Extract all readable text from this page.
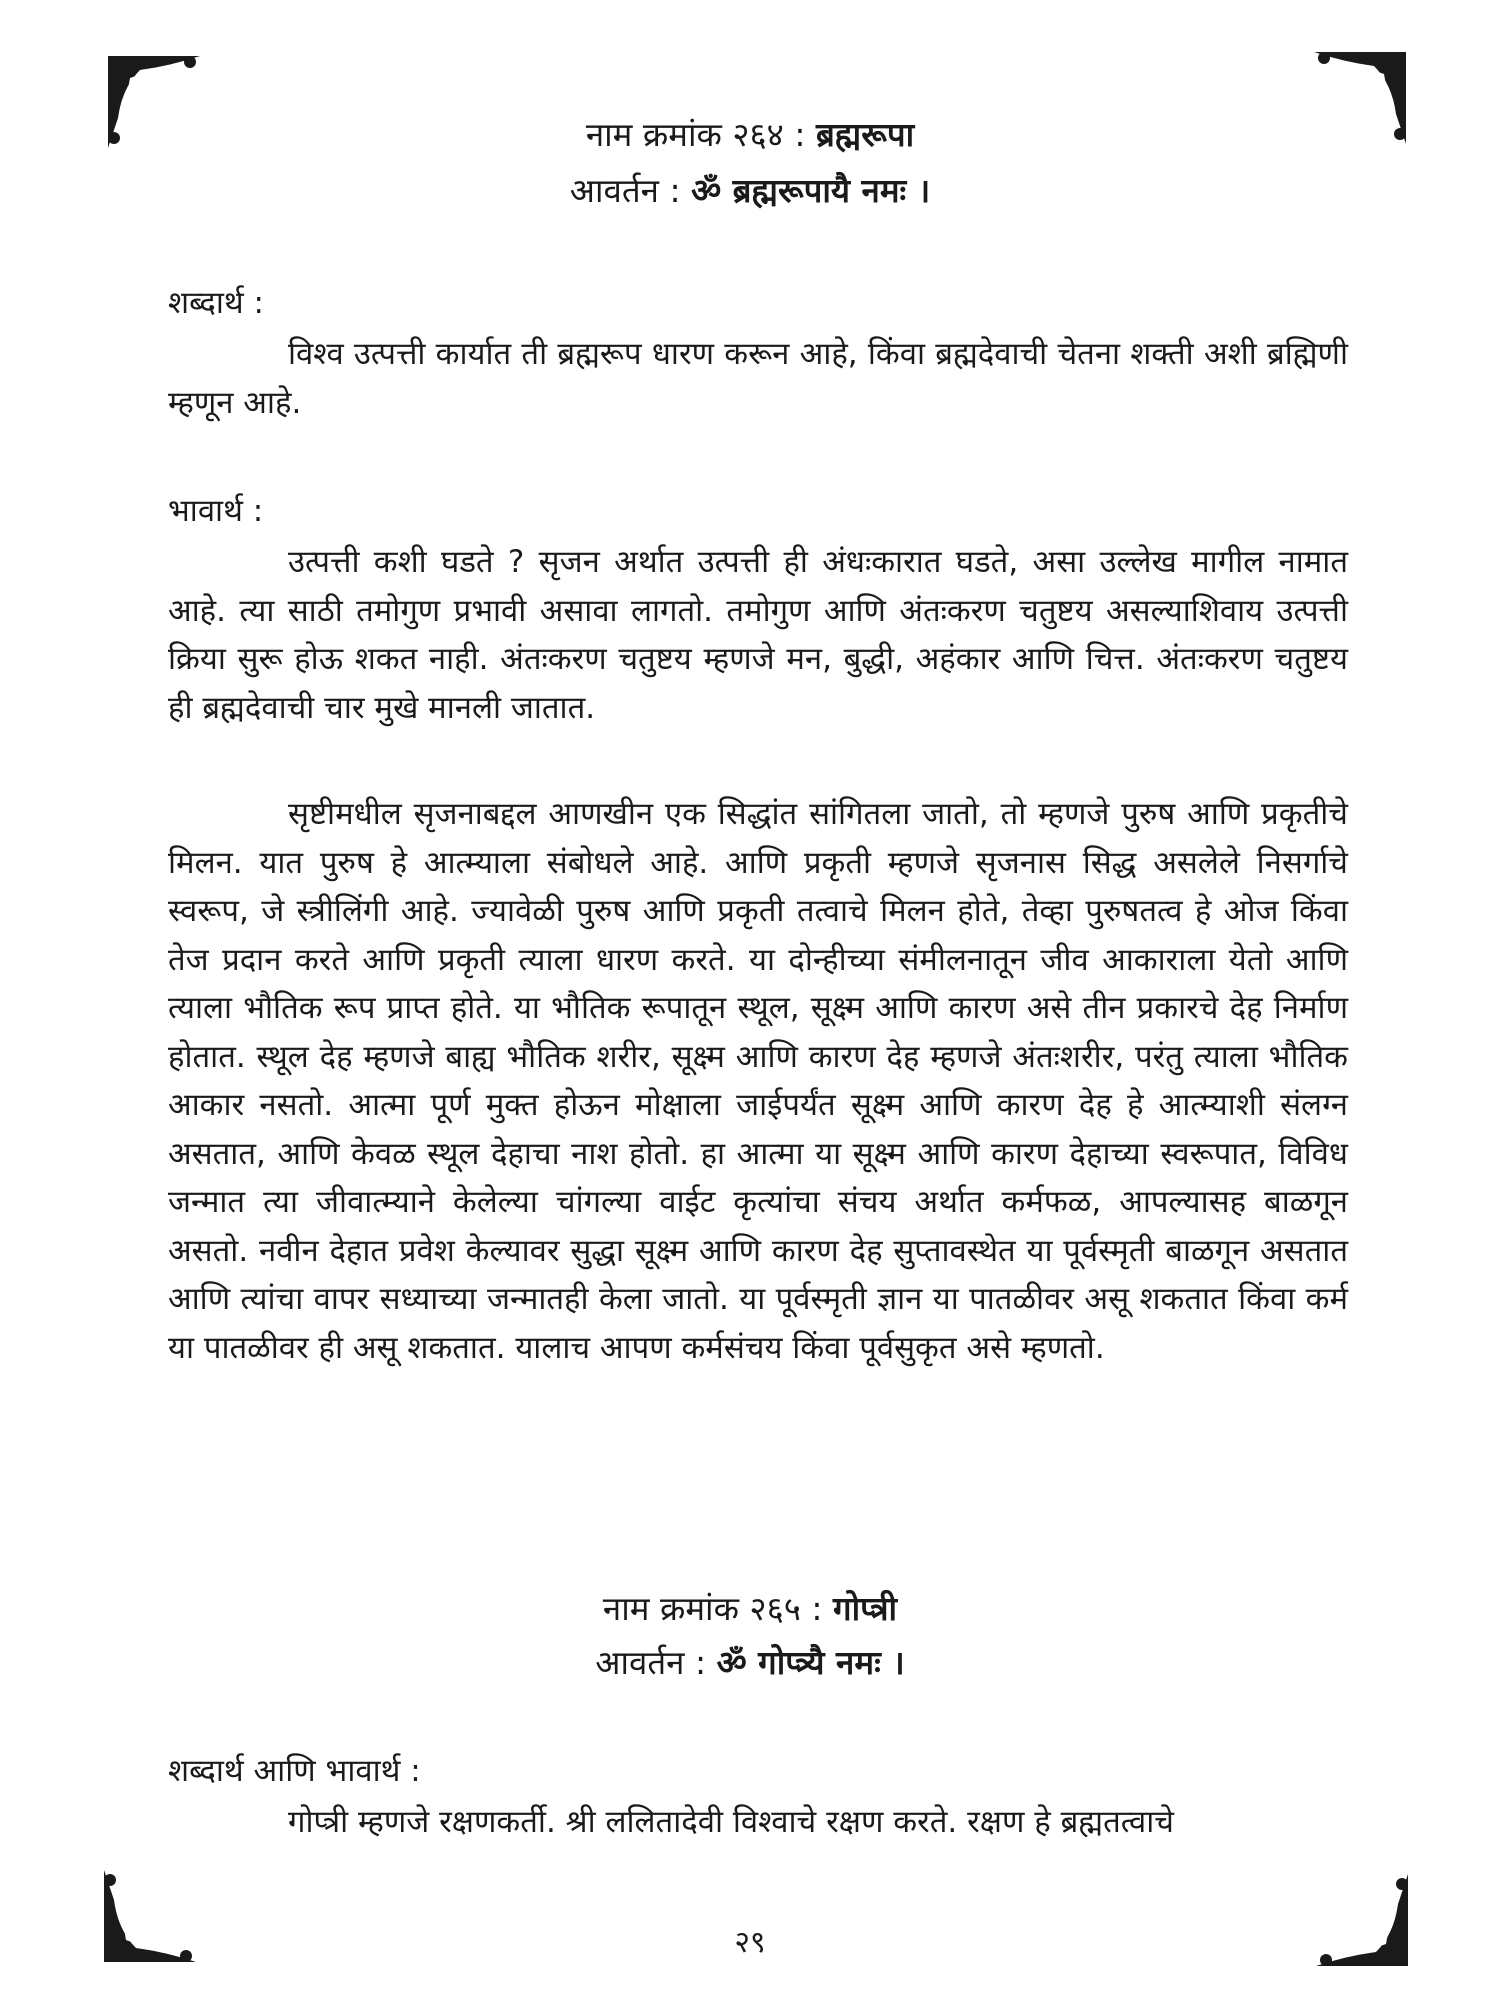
नाम क्रमांक २६४ : ब्रह्मरूपा
आवर्तन : ॐ ब्रह्मरूपायै नमः ।
शब्दार्थ :
विश्व उत्पत्ती कार्यात ती ब्रह्मरूप धारण करून आहे, किंवा ब्रह्मदेवाची चेतना शक्ती अशी ब्रह्मिणी म्हणून आहे.
भावार्थ :
उत्पत्ती कशी घडते ? सृजन अर्थात उत्पत्ती ही अंधःकारात घडते, असा उल्लेख मागील नामात आहे. त्या साठी तमोगुण प्रभावी असावा लागतो. तमोगुण आणि अंतःकरण चतुष्टय असल्याशिवाय उत्पत्ती क्रिया सुरू होऊ शकत नाही. अंतःकरण चतुष्टय म्हणजे मन, बुद्धी, अहंकार आणि चित्त. अंतःकरण चतुष्टय ही ब्रह्मदेवाची चार मुखे मानली जातात.
सृष्टीमधील सृजनाबद्दल आणखीन एक सिद्धांत सांगितला जातो, तो म्हणजे पुरुष आणि प्रकृतीचे मिलन. यात पुरुष हे आत्म्याला संबोधले आहे. आणि प्रकृती म्हणजे सृजनास सिद्ध असलेले निसर्गाचे स्वरूप, जे स्त्रीलिंगी आहे. ज्यावेळी पुरुष आणि प्रकृती तत्वाचे मिलन होते, तेव्हा पुरुषतत्व हे ओज किंवा तेज प्रदान करते आणि प्रकृती त्याला धारण करते. या दोन्हीच्या संमीलनातून जीव आकाराला येतो आणि त्याला भौतिक रूप प्राप्त होते. या भौतिक रूपातून स्थूल, सूक्ष्म आणि कारण असे तीन प्रकारचे देह निर्माण होतात. स्थूल देह म्हणजे बाह्य भौतिक शरीर, सूक्ष्म आणि कारण देह म्हणजे अंतःशरीर, परंतु त्याला भौतिक आकार नसतो. आत्मा पूर्ण मुक्त होऊन मोक्षाला जाईपर्यंत सूक्ष्म आणि कारण देह हे आत्म्याशी संलग्न असतात, आणि केवळ स्थूल देहाचा नाश होतो. हा आत्मा या सूक्ष्म आणि कारण देहाच्या स्वरूपात, विविध जन्मात त्या जीवात्म्याने केलेल्या चांगल्या वाईट कृत्यांचा संचय अर्थात कर्मफळ, आपल्यासह बाळगून असतो. नवीन देहात प्रवेश केल्यावर सुद्धा सूक्ष्म आणि कारण देह सुप्तावस्थेत या पूर्वस्मृती बाळगून असतात आणि त्यांचा वापर सध्याच्या जन्मातही केला जातो. या पूर्वस्मृती ज्ञान या पातळीवर असू शकतात किंवा कर्म या पातळीवर ही असू शकतात. यालाच आपण कर्मसंचय किंवा पूर्वसुकृत असे म्हणतो.
नाम क्रमांक २६५ : गोप्त्री
आवर्तन : ॐ गोप्त्र्यै नमः ।
शब्दार्थ आणि भावार्थ :
गोप्त्री म्हणजे रक्षणकर्ती. श्री ललितादेवी विश्वाचे रक्षण करते. रक्षण हे ब्रह्मतत्वाचे
२९
